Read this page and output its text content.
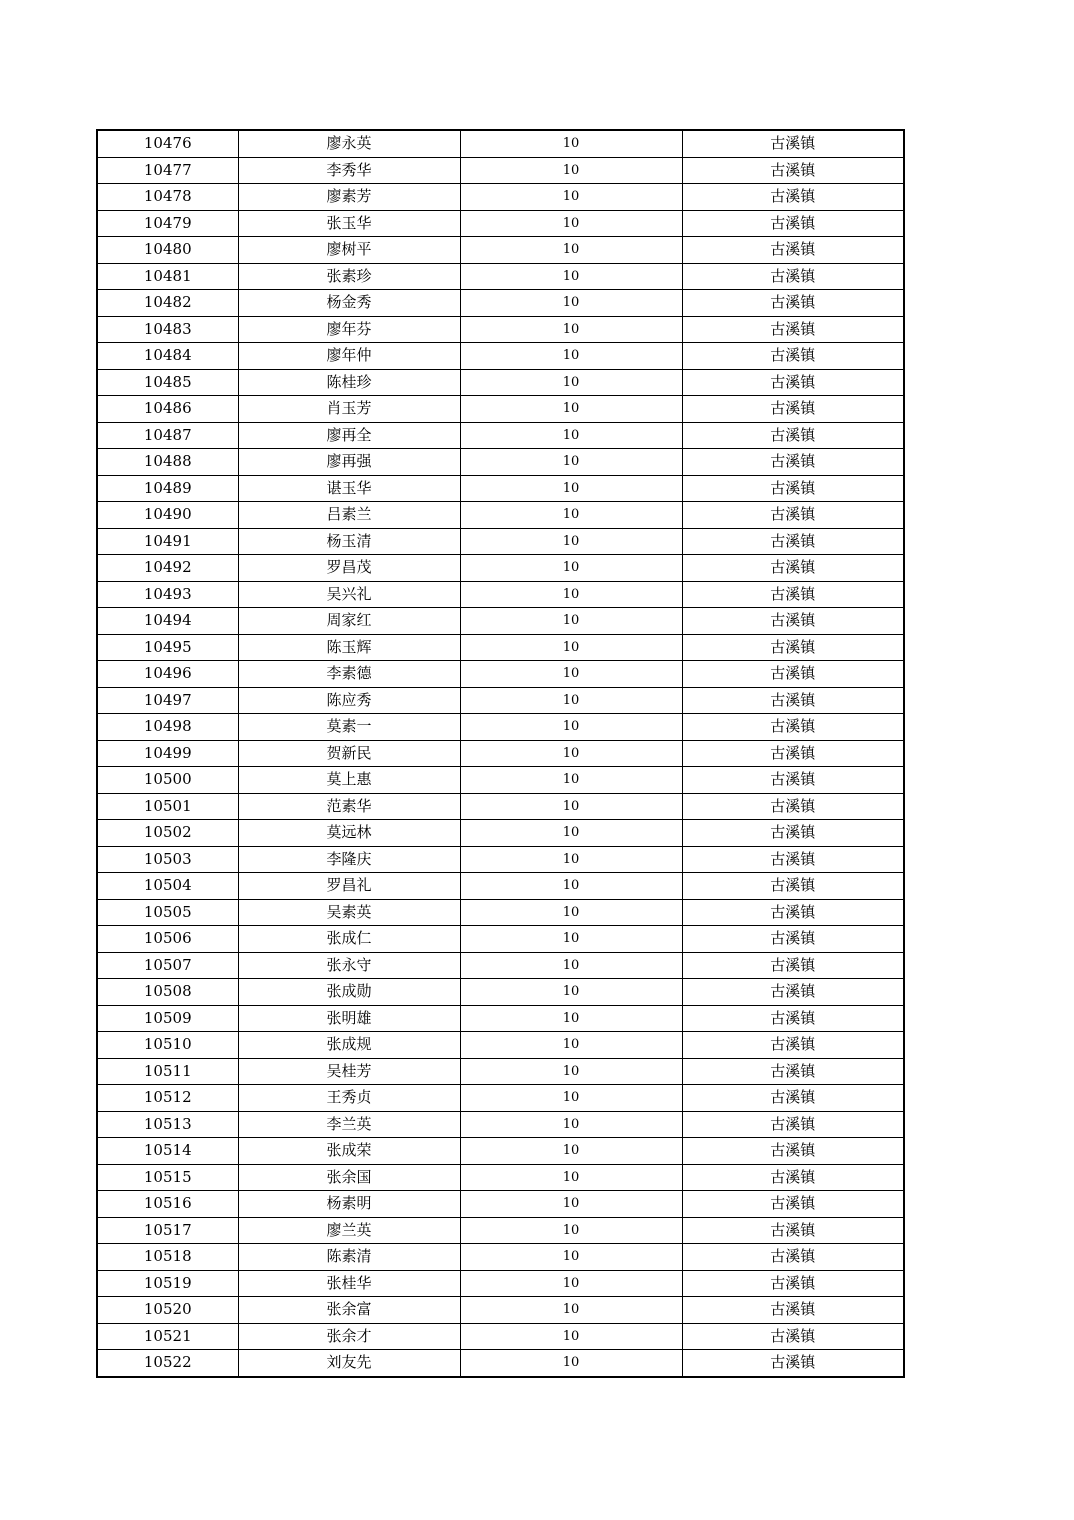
10476	廖永英	10	古溪镇
10477	李秀华	10	古溪镇
10478	廖素芳	10	古溪镇
10479	张玉华	10	古溪镇
10480	廖树平	10	古溪镇
10481	张素珍	10	古溪镇
10482	杨金秀	10	古溪镇
10483	廖年芬	10	古溪镇
10484	廖年仲	10	古溪镇
10485	陈桂珍	10	古溪镇
10486	肖玉芳	10	古溪镇
10487	廖再全	10	古溪镇
10488	廖再强	10	古溪镇
10489	谌玉华	10	古溪镇
10490	吕素兰	10	古溪镇
10491	杨玉清	10	古溪镇
10492	罗昌茂	10	古溪镇
10493	吴兴礼	10	古溪镇
10494	周家红	10	古溪镇
10495	陈玉辉	10	古溪镇
10496	李素德	10	古溪镇
10497	陈应秀	10	古溪镇
10498	莫素一	10	古溪镇
10499	贺新民	10	古溪镇
10500	莫上惠	10	古溪镇
10501	范素华	10	古溪镇
10502	莫远林	10	古溪镇
10503	李隆庆	10	古溪镇
10504	罗昌礼	10	古溪镇
10505	吴素英	10	古溪镇
10506	张成仁	10	古溪镇
10507	张永守	10	古溪镇
10508	张成勋	10	古溪镇
10509	张明雄	10	古溪镇
10510	张成规	10	古溪镇
10511	吴桂芳	10	古溪镇
10512	王秀贞	10	古溪镇
10513	李兰英	10	古溪镇
10514	张成荣	10	古溪镇
10515	张余国	10	古溪镇
10516	杨素明	10	古溪镇
10517	廖兰英	10	古溪镇
10518	陈素清	10	古溪镇
10519	张桂华	10	古溪镇
10520	张余富	10	古溪镇
10521	张余才	10	古溪镇
10522	刘友先	10	古溪镇
